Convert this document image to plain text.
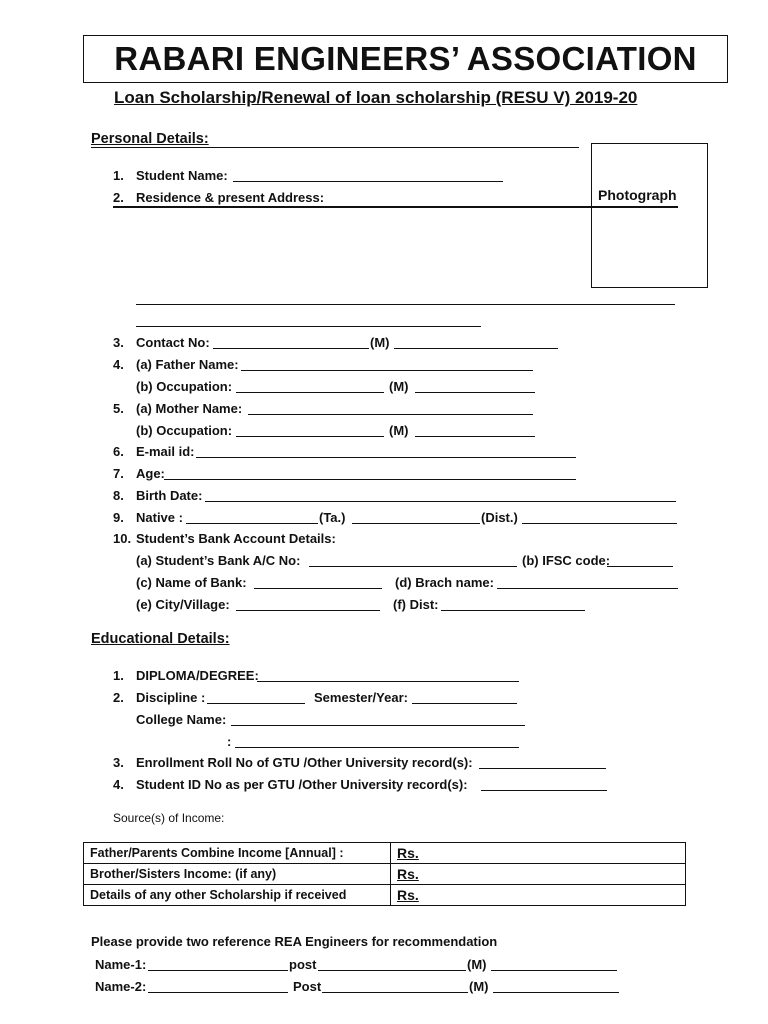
RABARI ENGINEERS’ ASSOCIATION
Loan Scholarship/Renewal of loan scholarship (RESU V) 2019-20
Personal Details:
Photograph
1. Student Name:
2. Residence & present Address:
3. Contact No:	(M)
4. (a) Father Name:
(b) Occupation:	(M)
5. (a) Mother Name:
(b) Occupation:	(M)
6. E-mail id:
7. Age:
8. Birth Date:
9. Native :	(Ta.)	(Dist.)
10. Student’s Bank Account Details:
(a) Student’s Bank A/C No:	(b) IFSC code:
(c) Name of Bank:	(d) Brach name:
(e) City/Village:	(f) Dist:
Educational Details:
1. DIPLOMA/DEGREE:
2. Discipline :	Semester/Year:
College Name:
:
3. Enrollment Roll No of GTU /Other University record(s):
4. Student ID No as per GTU /Other University record(s):
Source(s) of Income:
Father/Parents Combine Income [Annual] :	Rs.
Brother/Sisters Income: (if any)	Rs.
Details of any other Scholarship if received	Rs.
Please provide two reference REA Engineers for recommendation
Name-1:	post	(M)
Name-2:	Post	(M)
